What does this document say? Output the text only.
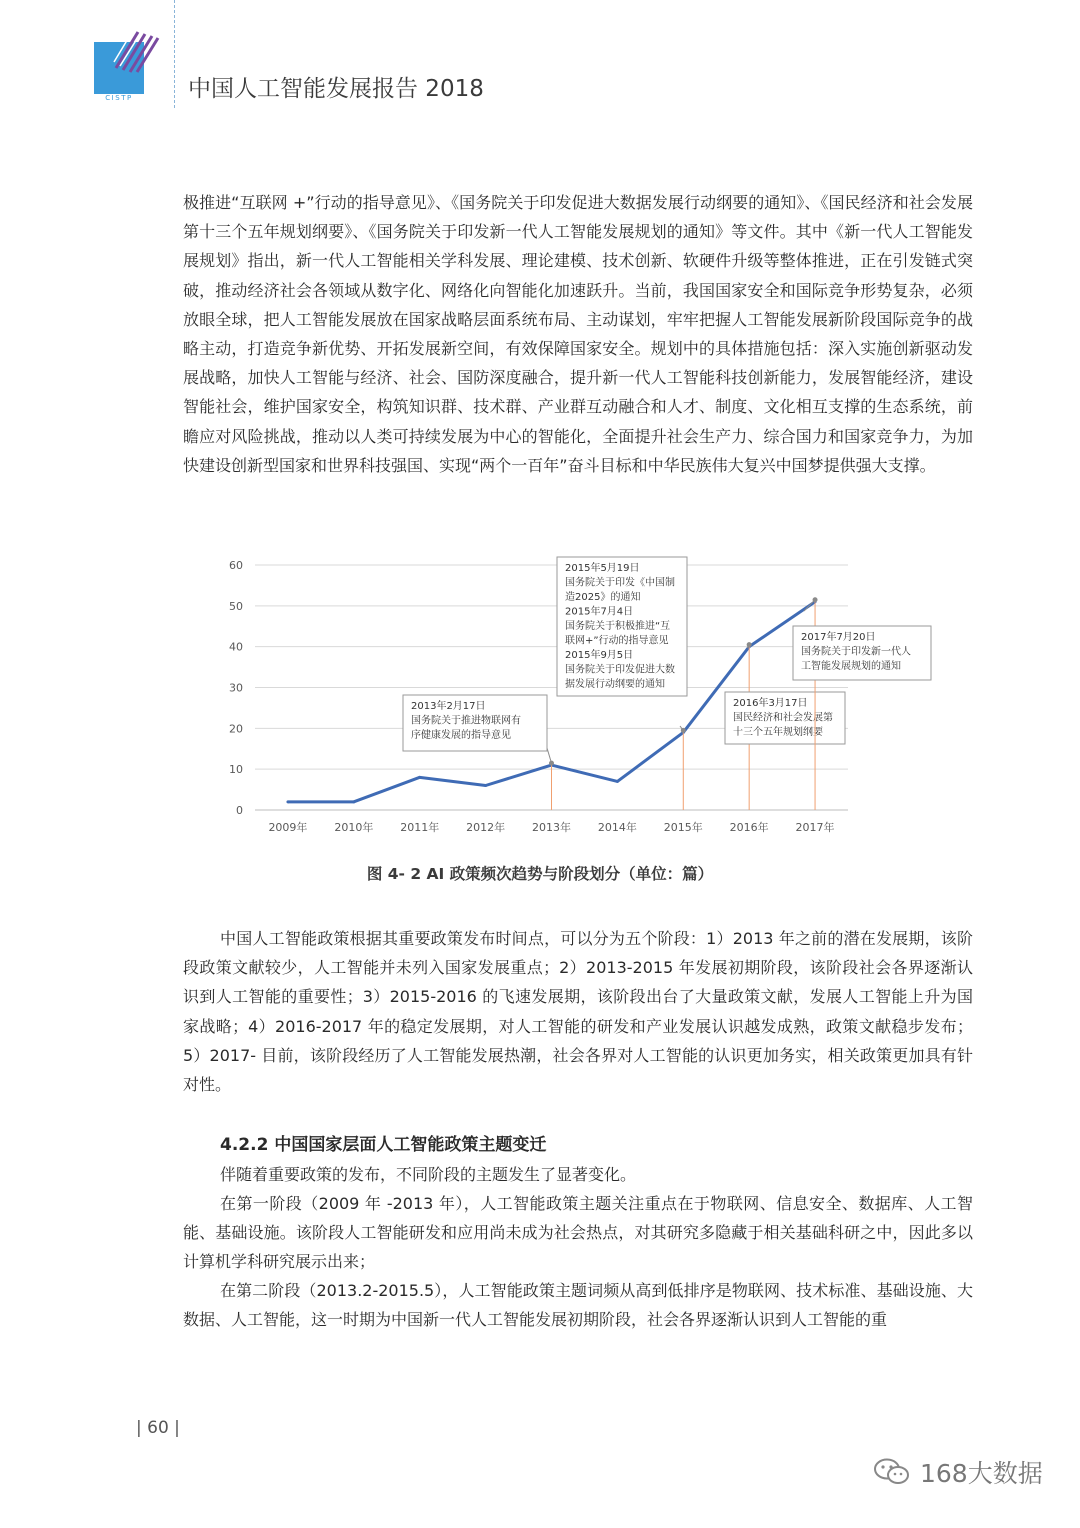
CISTP	中国人工智能发展报告 2018
极推进“互联网 +”行动的指导意见》、《国务院关于印发促进大数据发展行动纲要的通知》、《国民经济和社会发展第十三个五年规划纲要》、《国务院关于印发新一代人工智能发展规划的通知》等文件。其中《新一代人工智能发展规划》指出，新一代人工智能相关学科发展、理论建模、技术创新、软硬件升级等整体推进，正在引发链式突破，推动经济社会各领域从数字化、网络化向智能化加速跃升。当前，我国国家安全和国际竞争形势复杂，必须放眼全球，把人工智能发展放在国家战略层面系统布局、主动谋划，牢牢把握人工智能发展新阶段国际竞争的战略主动，打造竞争新优势、开拓发展新空间，有效保障国家安全。规划中的具体措施包括：深入实施创新驱动发展战略，加快人工智能与经济、社会、国防深度融合，提升新一代人工智能科技创新能力，发展智能经济，建设智能社会，维护国家安全，构筑知识群、技术群、产业群互动融合和人才、制度、文化相互支撑的生态系统，前瞻应对风险挑战，推动以人类可持续发展为中心的智能化，全面提升社会生产力、综合国力和国家竞争力，为加快建设创新型国家和世界科技强国、实现“两个一百年”奋斗目标和中华民族伟大复兴中国梦提供强大支撑。
0
10
20
30
40
50
60
2009年 2010年 2011年 2012年 2013年 2014年 2015年 2016年 2017年
2013年2月17日
国务院关于推进物联网有
序健康发展的指导意见
2015年5月19日
国务院关于印发《中国制
造2025》的通知
2015年7月4日
国务院关于积极推进“互
联网+”行动的指导意见
2015年9月5日
国务院关于印发促进大数
据发展行动纲要的通知
2016年3月17日
国民经济和社会发展第
十三个五年规划纲要
2017年7月20日
国务院关于印发新一代人
工智能发展规划的通知
图 4- 2 AI 政策频次趋势与阶段划分（单位：篇）
中国人工智能政策根据其重要政策发布时间点，可以分为五个阶段：1）2013 年之前的潜在发展期，该阶段政策文献较少，人工智能并未列入国家发展重点；2）2013-2015 年发展初期阶段，该阶段社会各界逐渐认识到人工智能的重要性；3）2015-2016 的飞速发展期，该阶段出台了大量政策文献，发展人工智能上升为国家战略；4）2016-2017 年的稳定发展期，对人工智能的研发和产业发展认识越发成熟，政策文献稳步发布；5）2017- 目前，该阶段经历了人工智能发展热潮，社会各界对人工智能的认识更加务实，相关政策更加具有针对性。
4.2.2 中国国家层面人工智能政策主题变迁
伴随着重要政策的发布，不同阶段的主题发生了显著变化。
在第一阶段（2009 年 -2013 年），人工智能政策主题关注重点在于物联网、信息安全、数据库、人工智能、基础设施。该阶段人工智能研发和应用尚未成为社会热点，对其研究多隐藏于相关基础科研之中，因此多以计算机学科研究展示出来；
在第二阶段（2013.2-2015.5），人工智能政策主题词频从高到低排序是物联网、技术标准、基础设施、大数据、人工智能，这一时期为中国新一代人工智能发展初期阶段，社会各界逐渐认识到人工智能的重
| 60 |
168大数据
